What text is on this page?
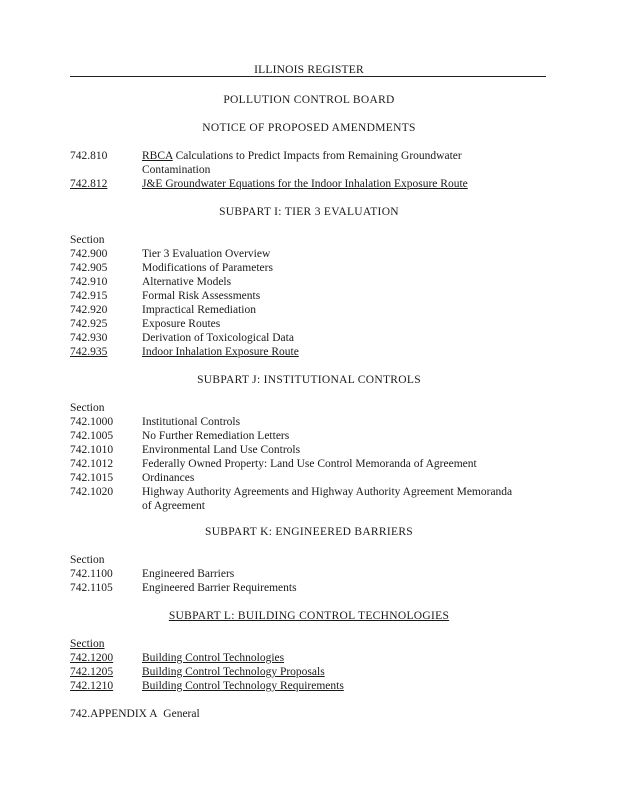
ILLINOIS REGISTER
POLLUTION CONTROL BOARD
NOTICE OF PROPOSED AMENDMENTS
742.810	RBCA Calculations to Predict Impacts from Remaining Groundwater
Contamination
742.812	J&E Groundwater Equations for the Indoor Inhalation Exposure Route
SUBPART I: TIER 3 EVALUATION
Section
742.900	Tier 3 Evaluation Overview
742.905	Modifications of Parameters
742.910	Alternative Models
742.915	Formal Risk Assessments
742.920	Impractical Remediation
742.925	Exposure Routes
742.930	Derivation of Toxicological Data
742.935	Indoor Inhalation Exposure Route
SUBPART J: INSTITUTIONAL CONTROLS
Section
742.1000	Institutional Controls
742.1005	No Further Remediation Letters
742.1010	Environmental Land Use Controls
742.1012	Federally Owned Property: Land Use Control Memoranda of Agreement
742.1015	Ordinances
742.1020	Highway Authority Agreements and Highway Authority Agreement Memoranda
of Agreement
SUBPART K: ENGINEERED BARRIERS
Section
742.1100	Engineered Barriers
742.1105	Engineered Barrier Requirements
SUBPART L: BUILDING CONTROL TECHNOLOGIES
Section
742.1200	Building Control Technologies
742.1205	Building Control Technology Proposals
742.1210	Building Control Technology Requirements
742.APPENDIX A General
